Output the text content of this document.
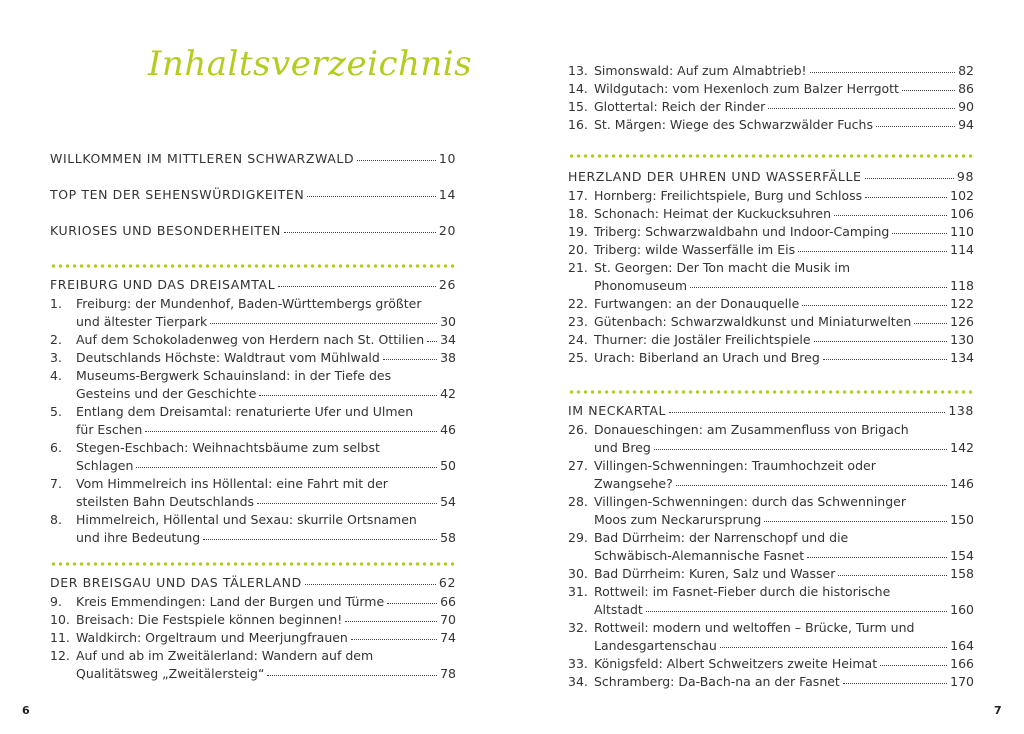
Inhaltsverzeichnis
WILLKOMMEN IM MITTLEREN SCHWARZWALD	10
TOP TEN DER SEHENSWÜRDIGKEITEN	14
KURIOSES UND BESONDERHEITEN	20
FREIBURG UND DAS DREISAMTAL	26
1.	Freiburg: der Mundenhof, Baden-Württembergs größter
und ältester Tierpark	30
2.	Auf dem Schokoladenweg von Herdern nach St. Ottilien 34
3.	Deutschlands Höchste: Waldtraut vom Mühlwald	38
4.	Museums-Bergwerk Schauinsland: in der Tiefe des
Gesteins und der Geschichte	42
5.	Entlang dem Dreisamtal: renaturierte Ufer und Ulmen
für Eschen	46
6.	Stegen-Eschbach: Weihnachtsbäume zum selbst
Schlagen	50
7.	Vom Himmelreich ins Höllental: eine Fahrt mit der
steilsten Bahn Deutschlands	54
8.	Himmelreich, Höllental und Sexau: skurrile Ortsnamen
und ihre Bedeutung	58
DER BREISGAU UND DAS TÄLERLAND	62
9.	Kreis Emmendingen: Land der Burgen und Türme	66
10. Breisach: Die Festspiele können beginnen!	70
11. Waldkirch: Orgeltraum und Meerjungfrauen	74
12. Auf und ab im Zweitälerland: Wandern auf dem
Qualitätsweg „Zweitälersteig“	78
13. Simonswald: Auf zum Almabtrieb!	82
14. Wildgutach: vom Hexenloch zum Balzer Herrgott	86
15. Glottertal: Reich der Rinder	90
16. St. Märgen: Wiege des Schwarzwälder Fuchs	94
HERZLAND DER UHREN UND WASSERFÄLLE	98
17. Hornberg: Freilichtspiele, Burg und Schloss	102
18. Schonach: Heimat der Kuckucksuhren	106
19. Triberg: Schwarzwaldbahn und Indoor-Camping	110
20. Triberg: wilde Wasserfälle im Eis	114
21. St. Georgen: Der Ton macht die Musik im
Phonomuseum	118
22. Furtwangen: an der Donauquelle	122
23. Gütenbach: Schwarzwaldkunst und Miniaturwelten	126
24. Thurner: die Jostäler Freilichtspiele	130
25. Urach: Biberland an Urach und Breg	134
IM NECKARTAL	138
26. Donaueschingen: am Zusammenfluss von Brigach
und Breg	142
27. Villingen-Schwenningen: Traumhochzeit oder
Zwangsehe?	146
28. Villingen-Schwenningen: durch das Schwenninger
Moos zum Neckarursprung	150
29. Bad Dürrheim: der Narrenschopf und die
Schwäbisch-Alemannische Fasnet	154
30. Bad Dürrheim: Kuren, Salz und Wasser	158
31. Rottweil: im Fasnet-Fieber durch die historische
Altstadt	160
32. Rottweil: modern und weltoffen – Brücke, Turm und
Landesgartenschau	164
33. Königsfeld: Albert Schweitzers zweite Heimat	166
34. Schramberg: Da-Bach-na an der Fasnet	170
6	7
